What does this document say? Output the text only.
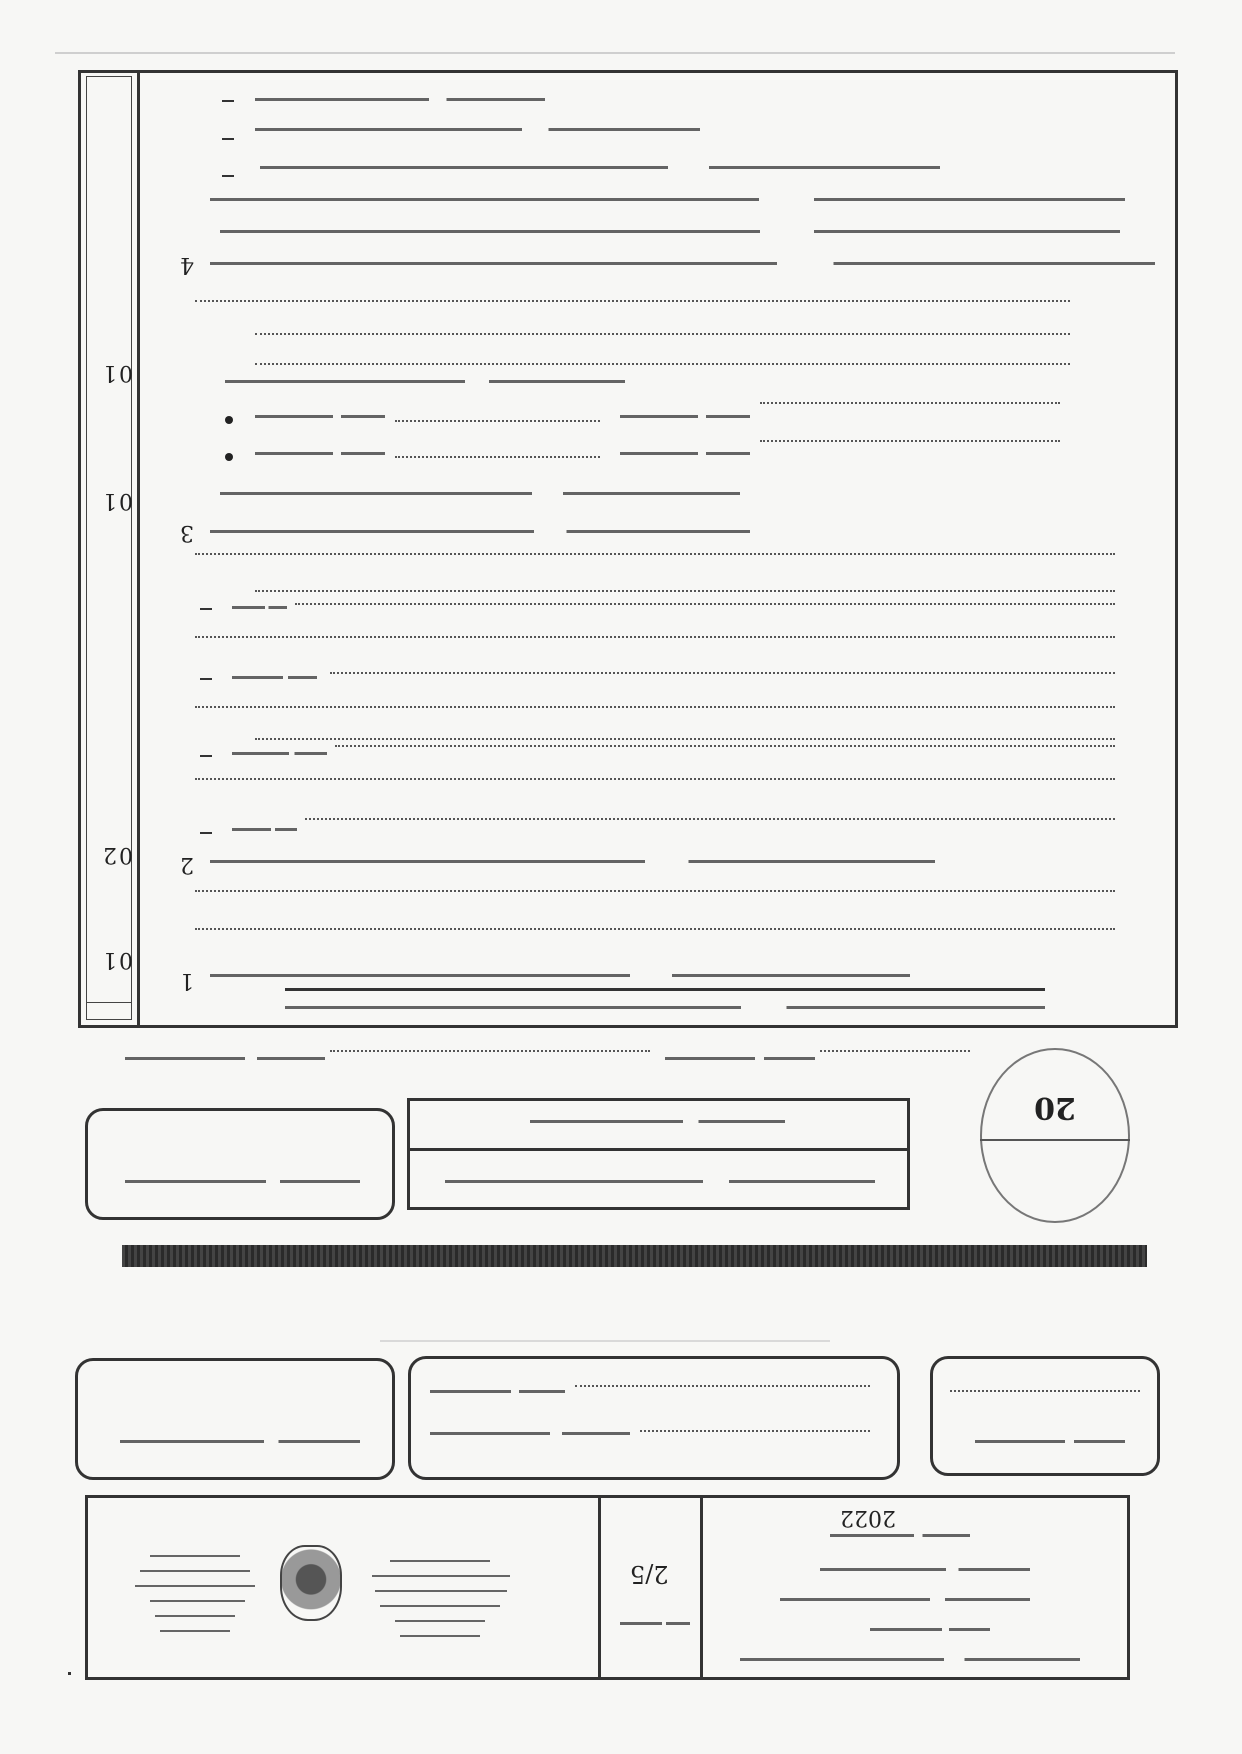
01
01
02
01
4
3
2
1
20
2022
2/5
